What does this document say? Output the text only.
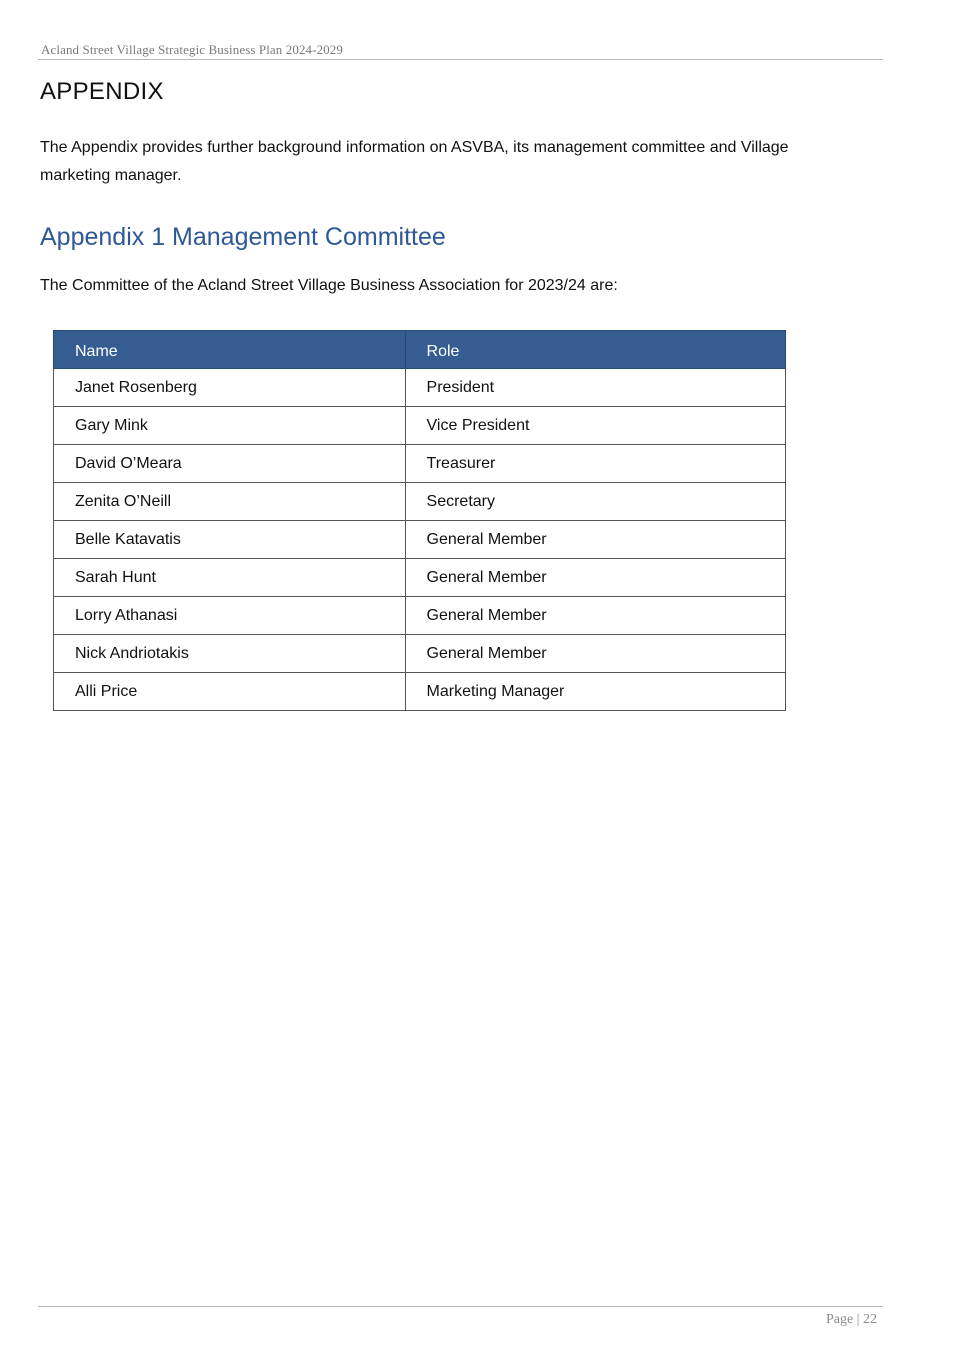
Acland Street Village Strategic Business Plan 2024-2029
APPENDIX

The Appendix provides further background information on ASVBA, its management committee and Village marketing manager.

Appendix 1 Management Committee

The Committee of the Acland Street Village Business Association for 2023/24 are:

Name	Role
Janet Rosenberg	President
Gary Mink	Vice President
David O’Meara	Treasurer
Zenita O’Neill	Secretary
Belle Katavatis	General Member
Sarah Hunt	General Member
Lorry Athanasi	General Member
Nick Andriotakis	General Member
Alli Price	Marketing Manager
Page | 22
